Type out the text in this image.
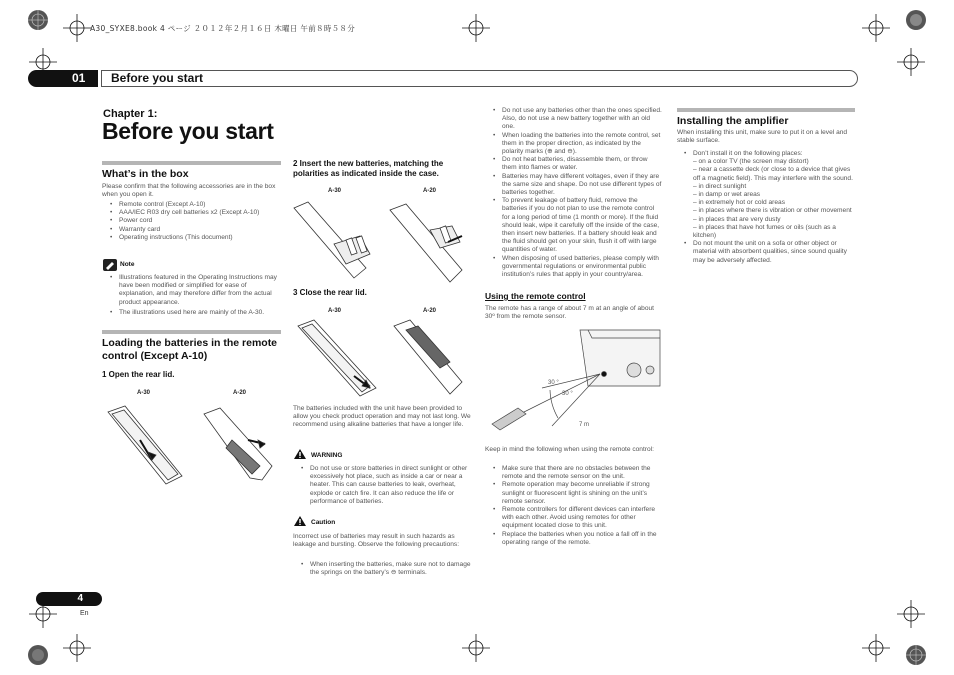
A30_SYXE8.book 4 ページ ２０１２年２月１６日 木曜日 午前８時５８分
01	Before you start
Chapter 1:
Before you start
What’s in the box
Please confirm that the following accessories are in the box when you open it.
• Remote control (Except A-10)
• AAA/IEC R03 dry cell batteries x2 (Except A-10)
• Power cord
• Warranty card
• Operating instructions (This document)
Note
• Illustrations featured in the Operating Instructions may have been modified or simplified for ease of explanation, and may therefore differ from the actual product appearance.
• The illustrations used here are mainly of the A-30.
Loading the batteries in the remote control (Except A-10)
1 Open the rear lid.
A-30	A-20
2 Insert the new batteries, matching the polarities as indicated inside the case.
A-30	A-20
3 Close the rear lid.
A-30	A-20
The batteries included with the unit have been provided to allow you check product operation and may not last long. We recommend using alkaline batteries that have a longer life.
WARNING
• Do not use or store batteries in direct sunlight or other excessively hot place, such as inside a car or near a heater. This can cause batteries to leak, overheat, explode or catch fire. It can also reduce the life or performance of batteries.
Caution
Incorrect use of batteries may result in such hazards as leakage and bursting. Observe the following precautions:
• When inserting the batteries, make sure not to damage the springs on the battery’s ⊖ terminals.
• Do not use any batteries other than the ones specified. Also, do not use a new battery together with an old one.
• When loading the batteries into the remote control, set them in the proper direction, as indicated by the polarity marks (⊕ and ⊖).
• Do not heat batteries, disassemble them, or throw them into flames or water.
• Batteries may have different voltages, even if they are the same size and shape. Do not use different types of batteries together.
• To prevent leakage of battery fluid, remove the batteries if you do not plan to use the remote control for a long period of time (1 month or more). If the fluid should leak, wipe it carefully off the inside of the case, then insert new batteries. If a battery should leak and the fluid should get on your skin, flush it off with large quantities of water.
• When disposing of used batteries, please comply with governmental regulations or environmental public institution’s rules that apply in your country/area.
Using the remote control
The remote has a range of about 7 m at an angle of about 30º from the remote sensor.
30 °
30 °
7 m
Keep in mind the following when using the remote control:
• Make sure that there are no obstacles between the remote and the remote sensor on the unit.
• Remote operation may become unreliable if strong sunlight or fluorescent light is shining on the unit’s remote sensor.
• Remote controllers for different devices can interfere with each other. Avoid using remotes for other equipment located close to this unit.
• Replace the batteries when you notice a fall off in the operating range of the remote.
Installing the amplifier
When installing this unit, make sure to put it on a level and stable surface.
• Don’t install it on the following places:
– on a color TV (the screen may distort)
– near a cassette deck (or close to a device that gives off a magnetic field). This may interfere with the sound.
– in direct sunlight
– in damp or wet areas
– in extremely hot or cold areas
– in places where there is vibration or other movement
– in places that are very dusty
– in places that have hot fumes or oils (such as a kitchen)
• Do not mount the unit on a sofa or other object or material with absorbent qualities, since sound quality may be adversely affected.
4
En
